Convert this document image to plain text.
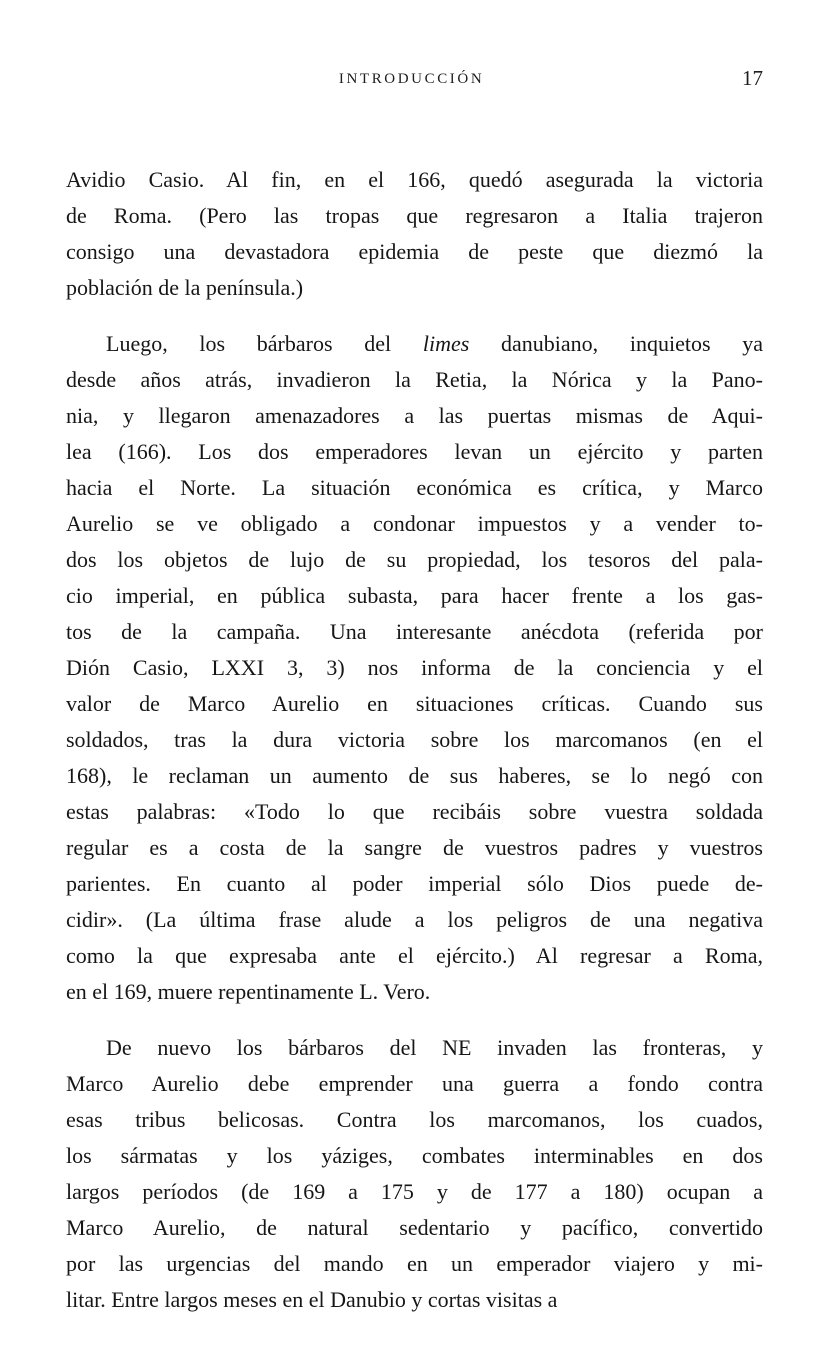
INTRODUCCIÓN	17
Avidio Casio. Al fin, en el 166, quedó asegurada la victoria
de Roma. (Pero las tropas que regresaron a Italia trajeron
consigo una devastadora epidemia de peste que diezmó la
población de la península.)
Luego, los bárbaros del limes danubiano, inquietos ya
desde años atrás, invadieron la Retia, la Nórica y la Pano-
nia, y llegaron amenazadores a las puertas mismas de Aqui-
lea (166). Los dos emperadores levan un ejército y parten
hacia el Norte. La situación económica es crítica, y Marco
Aurelio se ve obligado a condonar impuestos y a vender to-
dos los objetos de lujo de su propiedad, los tesoros del pala-
cio imperial, en pública subasta, para hacer frente a los gas-
tos de la campaña. Una interesante anécdota (referida por
Dión Casio, LXXI 3, 3) nos informa de la conciencia y el
valor de Marco Aurelio en situaciones críticas. Cuando sus
soldados, tras la dura victoria sobre los marcomanos (en el
168), le reclaman un aumento de sus haberes, se lo negó con
estas palabras: «Todo lo que recibáis sobre vuestra soldada
regular es a costa de la sangre de vuestros padres y vuestros
parientes. En cuanto al poder imperial sólo Dios puede de-
cidir». (La última frase alude a los peligros de una negativa
como la que expresaba ante el ejército.) Al regresar a Roma,
en el 169, muere repentinamente L. Vero.
De nuevo los bárbaros del NE invaden las fronteras, y
Marco Aurelio debe emprender una guerra a fondo contra
esas tribus belicosas. Contra los marcomanos, los cuados,
los sármatas y los yáziges, combates interminables en dos
largos períodos (de 169 a 175 y de 177 a 180) ocupan a
Marco Aurelio, de natural sedentario y pacífico, convertido
por las urgencias del mando en un emperador viajero y mi-
litar. Entre largos meses en el Danubio y cortas visitas a
